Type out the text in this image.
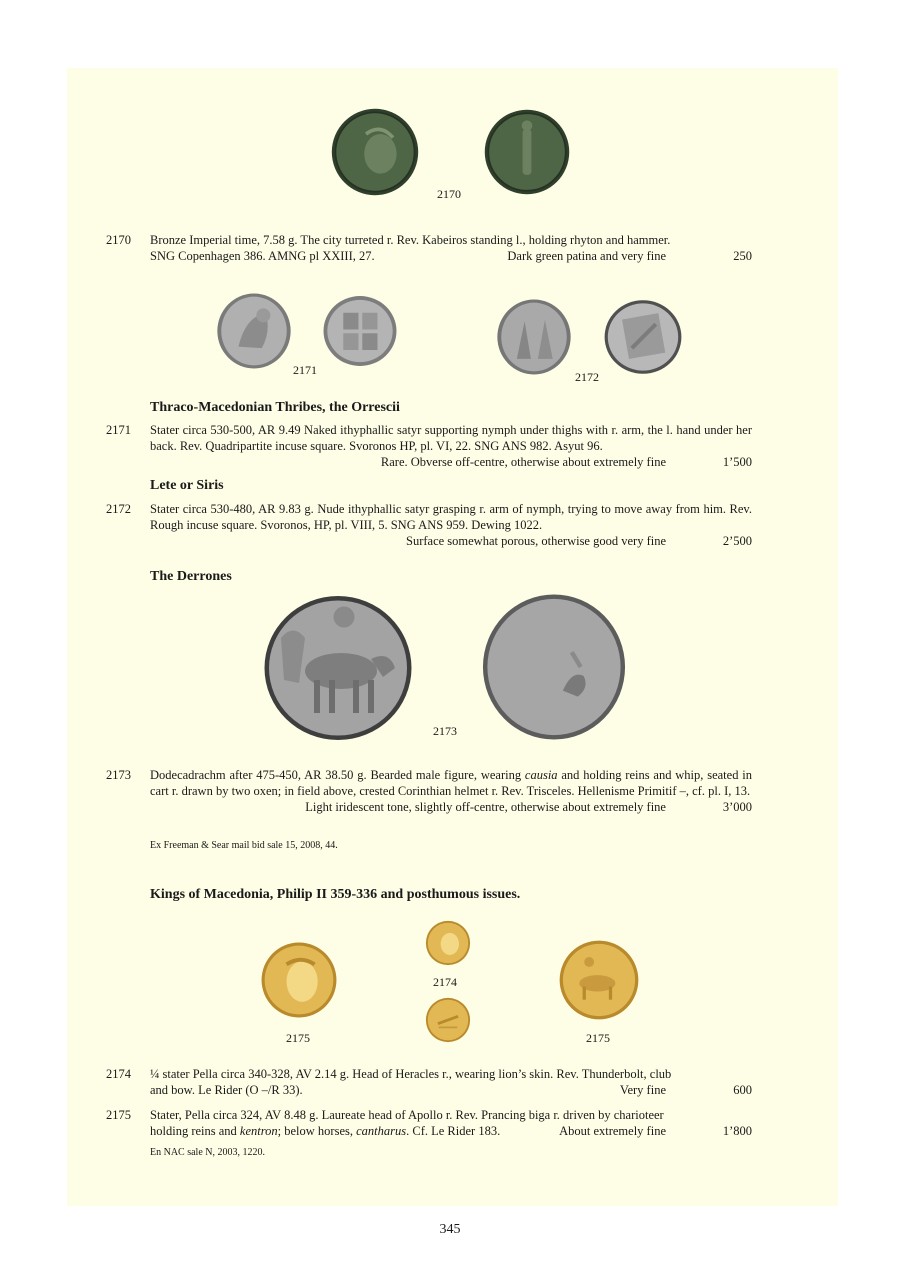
2170
2170 Bronze Imperial time, 7.58 g. The city turreted r. Rev. Kabeiros standing l., holding rhyton and hammer.

SNG Copenhagen 386. AMNG pl XXIII, 27.	Dark green patina and very fine	250
2171	2172
Thraco-Macedonian Thribes, the Orrescii
2171 Stater circa 530-500, AR 9.49 Naked ithyphallic satyr supporting nymph under thighs with r. arm, the l. hand under her back. Rev. Quadripartite incuse square. Svoronos HP, pl. VI, 22. SNG ANS 982. Asyut 96.

Rare. Obverse off-centre, otherwise about extremely fine	1’500
Lete or Siris
2172 Stater circa 530-480, AR 9.83 g. Nude ithyphallic satyr grasping r. arm of nymph, trying to move away from him. Rev. Rough incuse square. Svoronos, HP, pl. VIII, 5. SNG ANS 959. Dewing 1022.

Surface somewhat porous, otherwise good very fine	2’500
The Derrones
2173
2173 Dodecadrachm after 475-450, AR 38.50 g. Bearded male figure, wearing causia and holding reins and whip, seated in cart r. drawn by two oxen; in field above, crested Corinthian helmet r. Rev. Trisceles. Hellenisme Primitif –, cf. pl. I, 13.

Light iridescent tone, slightly off-centre, otherwise about extremely fine	3’000
Ex Freeman & Sear mail bid sale 15, 2008, 44.
Kings of Macedonia, Philip II 359-336 and posthumous issues.
2174
2175	2175
2174 ¼ stater Pella circa 340-328, AV 2.14 g. Head of Heracles r., wearing lion’s skin. Rev. Thunderbolt, club

and bow. Le Rider (O –/R 33).	Very fine	600
2175 Stater, Pella circa 324, AV 8.48 g. Laureate head of Apollo r. Rev. Prancing biga r. driven by charioteer

holding reins and kentron; below horses, cantharus. Cf. Le Rider 183.	About extremely fine	1’800
En NAC sale N, 2003, 1220.
345
